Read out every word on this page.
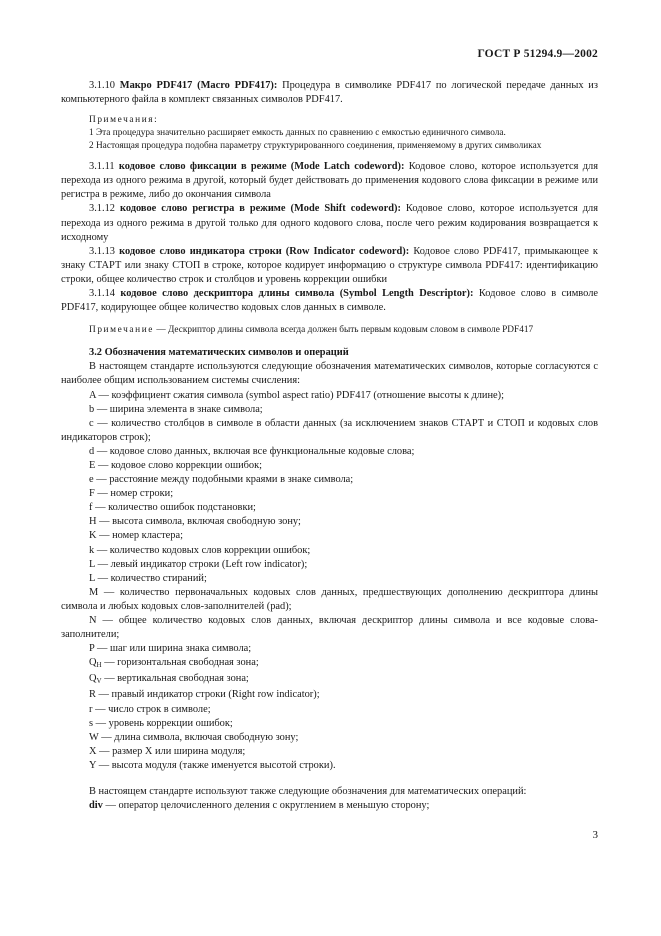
ГОСТ Р 51294.9—2002

3.1.10 Макро PDF417 (Macro PDF417): Процедура в символике PDF417 по логической передаче данных из компьютерного файла в комплект связанных символов PDF417.

Примечания:

1 Эта процедура значительно расширяет емкость данных по сравнению с емкостью единичного символа.

2 Настоящая процедура подобна параметру структурированного соединения, применяемому в других символиках

3.1.11 кодовое слово фиксации в режиме (Mode Latch codeword): Кодовое слово, которое используется для перехода из одного режима в другой, который будет действовать до применения кодового слова фиксации в режиме или регистра в режиме, либо до окончания символа

3.1.12 кодовое слово регистра в режиме (Mode Shift codeword): Кодовое слово, которое используется для перехода из одного режима в другой только для одного кодового слова, после чего режим кодирования возвращается к исходному

3.1.13 кодовое слово индикатора строки (Row Indicator codeword): Кодовое слово PDF417, примыкающее к знаку СТАРТ или знаку СТОП в строке, которое кодирует информацию о структуре символа PDF417: идентификацию строки, общее количество строк и столбцов и уровень коррекции ошибки

3.1.14 кодовое слово дескриптора длины символа (Symbol Length Descriptor): Кодовое слово в символе PDF417, кодирующее общее количество кодовых слов данных в символе.

Примечание — Дескриптор длины символа всегда должен быть первым кодовым словом в символе PDF417

3.2 Обозначения математических символов и операций

В настоящем стандарте используются следующие обозначения математических символов, которые согласуются с наиболее общим использованием системы счисления:

A — коэффициент сжатия символа (symbol aspect ratio) PDF417 (отношение высоты к длине);

b — ширина элемента в знаке символа;

c — количество столбцов в символе в области данных (за исключением знаков СТАРТ и СТОП и кодовых слов индикаторов строк);

d — кодовое слово данных, включая все функциональные кодовые слова;

E — кодовое слово коррекции ошибок;

e — расстояние между подобными краями в знаке символа;

F — номер строки;

f — количество ошибок подстановки;

H — высота символа, включая свободную зону;

K — номер кластера;

k — количество кодовых слов коррекции ошибок;

L — левый индикатор строки (Left row indicator);

L — количество стираний;

M — количество первоначальных кодовых слов данных, предшествующих дополнению дескриптора длины символа и любых кодовых слов-заполнителей (pad);

N — общее количество кодовых слов данных, включая дескриптор длины символа и все кодовые слова-заполнители;

P — шаг или ширина знака символа;

$Q_H$ — горизонтальная свободная зона;

$Q_V$ — вертикальная свободная зона;

R — правый индикатор строки (Right row indicator);

r — число строк в символе;

s — уровень коррекции ошибок;

W — длина символа, включая свободную зону;

X — размер X или ширина модуля;

Y — высота модуля (также именуется высотой строки).

В настоящем стандарте используют также следующие обозначения для математических операций:

div — оператор целочисленного деления с округлением в меньшую сторону;

3
